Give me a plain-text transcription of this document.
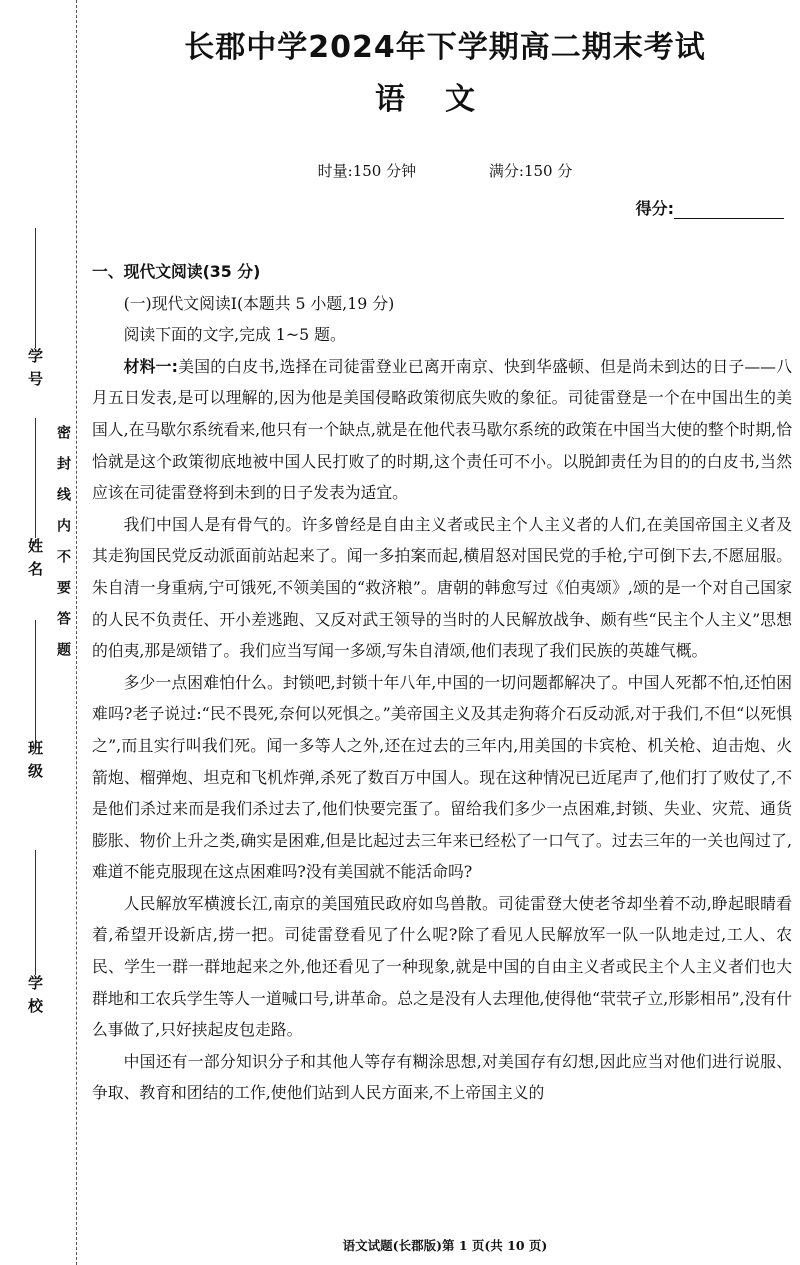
学号
姓名
班级
学校
密封线内不要答题
长郡中学2024年下学期高二期末考试
语文
时量:150 分钟	满分:150 分
得分:

一、现代文阅读(35 分)

(一)现代文阅读Ⅰ(本题共 5 小题,19 分)

阅读下面的文字,完成 1~5 题。

材料一:美国的白皮书,选择在司徒雷登业已离开南京、快到华盛顿、但是尚未到达的日子——八月五日发表,是可以理解的,因为他是美国侵略政策彻底失败的象征。司徒雷登是一个在中国出生的美国人,在马歇尔系统看来,他只有一个缺点,就是在他代表马歇尔系统的政策在中国当大使的整个时期,恰恰就是这个政策彻底地被中国人民打败了的时期,这个责任可不小。以脱卸责任为目的的白皮书,当然应该在司徒雷登将到未到的日子发表为适宜。

我们中国人是有骨气的。许多曾经是自由主义者或民主个人主义者的人们,在美国帝国主义者及其走狗国民党反动派面前站起来了。闻一多拍案而起,横眉怒对国民党的手枪,宁可倒下去,不愿屈服。朱自清一身重病,宁可饿死,不领美国的“救济粮”。唐朝的韩愈写过《伯夷颂》,颂的是一个对自己国家的人民不负责任、开小差逃跑、又反对武王领导的当时的人民解放战争、颇有些“民主个人主义”思想的伯夷,那是颂错了。我们应当写闻一多颂,写朱自清颂,他们表现了我们民族的英雄气概。

多少一点困难怕什么。封锁吧,封锁十年八年,中国的一切问题都解决了。中国人死都不怕,还怕困难吗?老子说过:“民不畏死,奈何以死惧之。”美帝国主义及其走狗蒋介石反动派,对于我们,不但“以死惧之”,而且实行叫我们死。闻一多等人之外,还在过去的三年内,用美国的卡宾枪、机关枪、迫击炮、火箭炮、榴弹炮、坦克和飞机炸弹,杀死了数百万中国人。现在这种情况已近尾声了,他们打了败仗了,不是他们杀过来而是我们杀过去了,他们快要完蛋了。留给我们多少一点困难,封锁、失业、灾荒、通货膨胀、物价上升之类,确实是困难,但是比起过去三年来已经松了一口气了。过去三年的一关也闯过了,难道不能克服现在这点困难吗?没有美国就不能活命吗?

人民解放军横渡长江,南京的美国殖民政府如鸟兽散。司徒雷登大使老爷却坐着不动,睁起眼睛看着,希望开设新店,捞一把。司徒雷登看见了什么呢?除了看见人民解放军一队一队地走过,工人、农民、学生一群一群地起来之外,他还看见了一种现象,就是中国的自由主义者或民主个人主义者们也大群地和工农兵学生等人一道喊口号,讲革命。总之是没有人去理他,使得他“茕茕孑立,形影相吊”,没有什么事做了,只好挟起皮包走路。

中国还有一部分知识分子和其他人等存有糊涂思想,对美国存有幻想,因此应当对他们进行说服、争取、教育和团结的工作,使他们站到人民方面来,不上帝国主义的

语文试题(长郡版)第 1 页(共 10 页)
